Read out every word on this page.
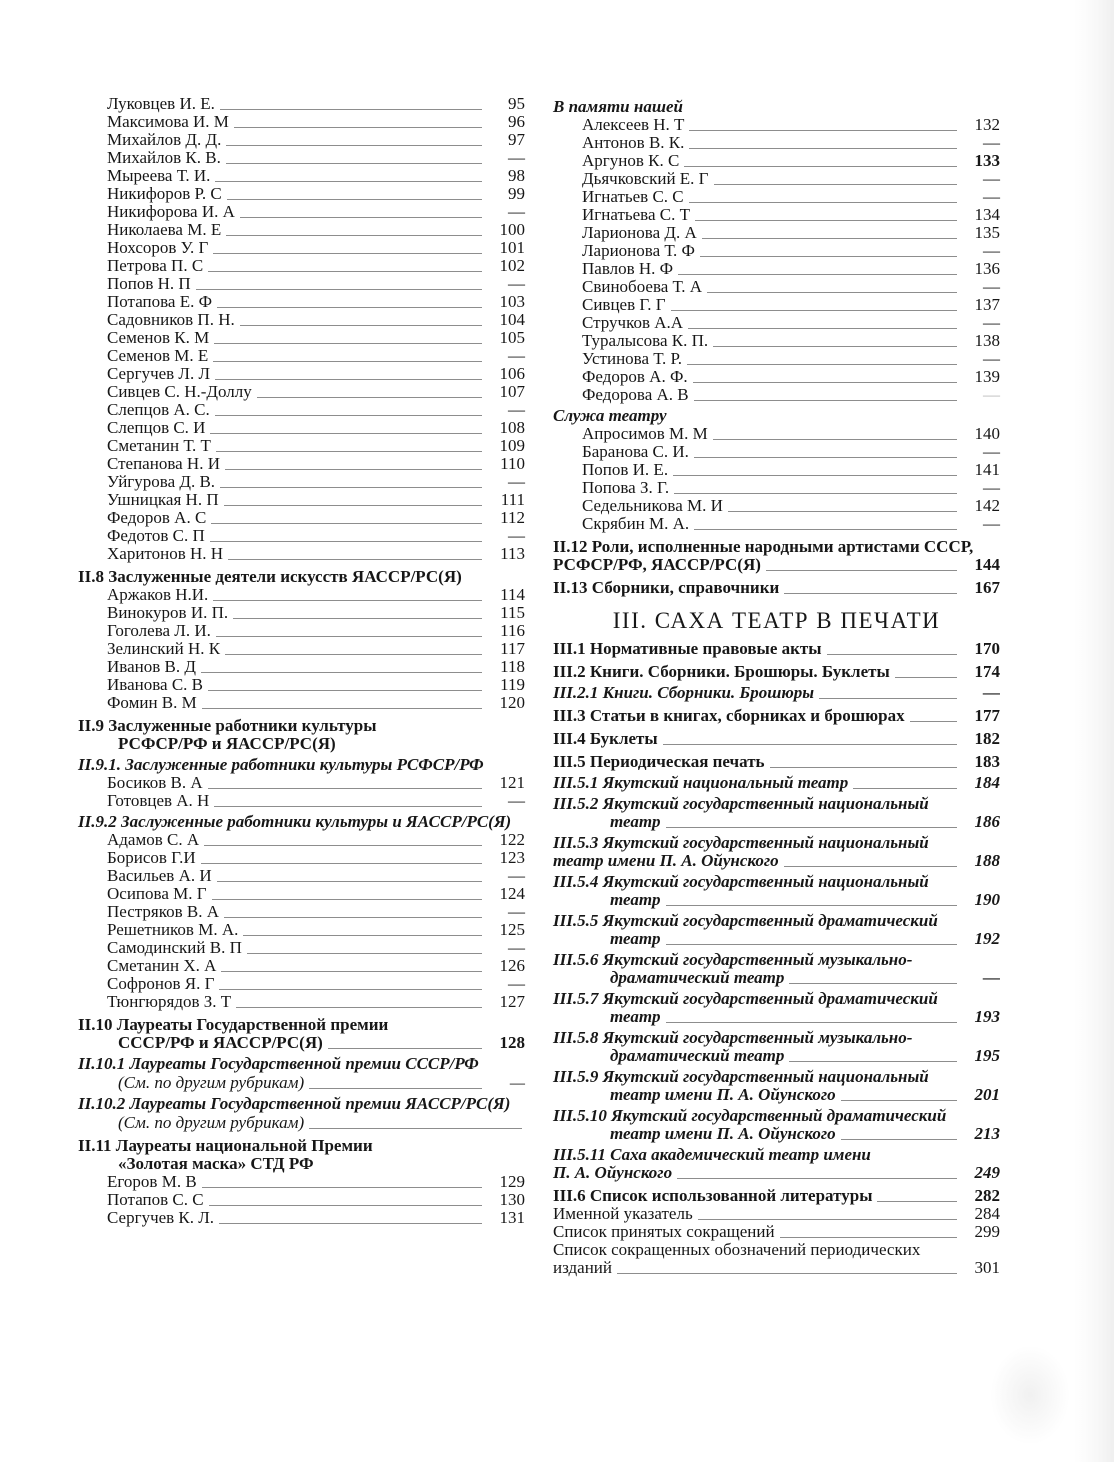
Луковцев И. Е.	95
Максимова И. М	96
Михайлов Д. Д.	97
Михайлов К. В.	—
Мыреева Т. И.	98
Никифоров Р. С	99
Никифорова И. А	—
Николаева М. Е	100
Нохсоров У. Г	101
Петрова П. С	102
Попов Н. П	—
Потапова Е. Ф	103
Садовников П. Н.	104
Семенов К. М	105
Семенов М. Е	—
Сергучев Л. Л	106
Сивцев С. Н.-Доллу	107
Слепцов А. С.	—
Слепцов С. И	108
Сметанин Т. Т	109
Степанова Н. И	110
Уйгурова Д. В.	—
Ушницкая Н. П	111
Федоров А. С	112
Федотов С. П	—
Харитонов Н. Н	113
II.8 Заслуженные деятели искусств ЯАССР/РС(Я)
Аржаков Н.И.	114
Винокуров И. П.	115
Гоголева Л. И.	116
Зелинский Н. К	117
Иванов В. Д	118
Иванова С. В	119
Фомин В. М	120
II.9 Заслуженные работники культуры
РСФСР/РФ и ЯАССР/РС(Я)
II.9.1. Заслуженные работники культуры РСФСР/РФ
Босиков В. А	121
Готовцев А. Н	—
II.9.2 Заслуженные работники культуры и ЯАССР/РС(Я)
Адамов С. А	122
Борисов Г.И	123
Васильев А. И	—
Осипова М. Г	124
Пестряков В. А	—
Решетников М. А.	125
Самодинский В. П	—
Сметанин Х. А	126
Софронов Я. Г	—
Тюнгюрядов З. Т	127
II.10 Лауреаты Государственной премии
СССР/РФ и ЯАССР/РС(Я)	128
II.10.1 Лауреаты Государственной премии СССР/РФ
(См. по другим рубрикам)	—
II.10.2 Лауреаты Государственной премии ЯАССР/РС(Я)
(См. по другим рубрикам)
II.11 Лауреаты национальной Премии
«Золотая маска» СТД РФ
Егоров М. В	129
Потапов С. С	130
Сергучев К. Л.	131
В памяти нашей
Алексеев Н. Т	132
Антонов В. К.	—
Аргунов К. С	133
Дьячковский Е. Г	—
Игнатьев С. С	—
Игнатьева С. Т	134
Ларионова Д. А	135
Ларионова Т. Ф	—
Павлов Н. Ф	136
Свинобоева Т. А	—
Сивцев Г. Г	137
Стручков А.А	—
Туралысова К. П.	138
Устинова Т. Р.	—
Федоров А. Ф.	139
Федорова А. В	—
Служа театру
Апросимов М. М	140
Баранова С. И.	—
Попов И. Е.	141
Попова З. Г.	—
Седельникова М. И	142
Скрябин М. А.	—
II.12 Роли, исполненные народными артистами СССР,
РСФСР/РФ, ЯАССР/РС(Я)	144
II.13 Сборники, справочники	167
III. САХА ТЕАТР В ПЕЧАТИ
III.1 Нормативные правовые акты	170
III.2 Книги. Сборники. Брошюры. Буклеты	174
III.2.1 Книги. Сборники. Брошюры	—
III.3 Статьи в книгах, сборниках и брошюрах	177
III.4 Буклеты	182
III.5 Периодическая печать	183
III.5.1 Якутский национальный театр	184
III.5.2 Якутский государственный национальный
театр	186
III.5.3 Якутский государственный национальный
театр имени П. А. Ойунского	188
III.5.4 Якутский государственный национальный
театр	190
III.5.5 Якутский государственный драматический
театр	192
III.5.6 Якутский государственный музыкально-
драматический театр	—
III.5.7 Якутский государственный драматический
театр	193
III.5.8 Якутский государственный музыкально-
драматический театр	195
III.5.9 Якутский государственный национальный
театр имени П. А. Ойунского	201
III.5.10 Якутский государственный драматический
театр имени П. А. Ойунского	213
III.5.11 Саха академический театр имени
П. А. Ойунского	249
III.6 Список использованной литературы	282
Именной указатель	284
Список принятых сокращений	299
Список сокращенных обозначений периодических
изданий	301
